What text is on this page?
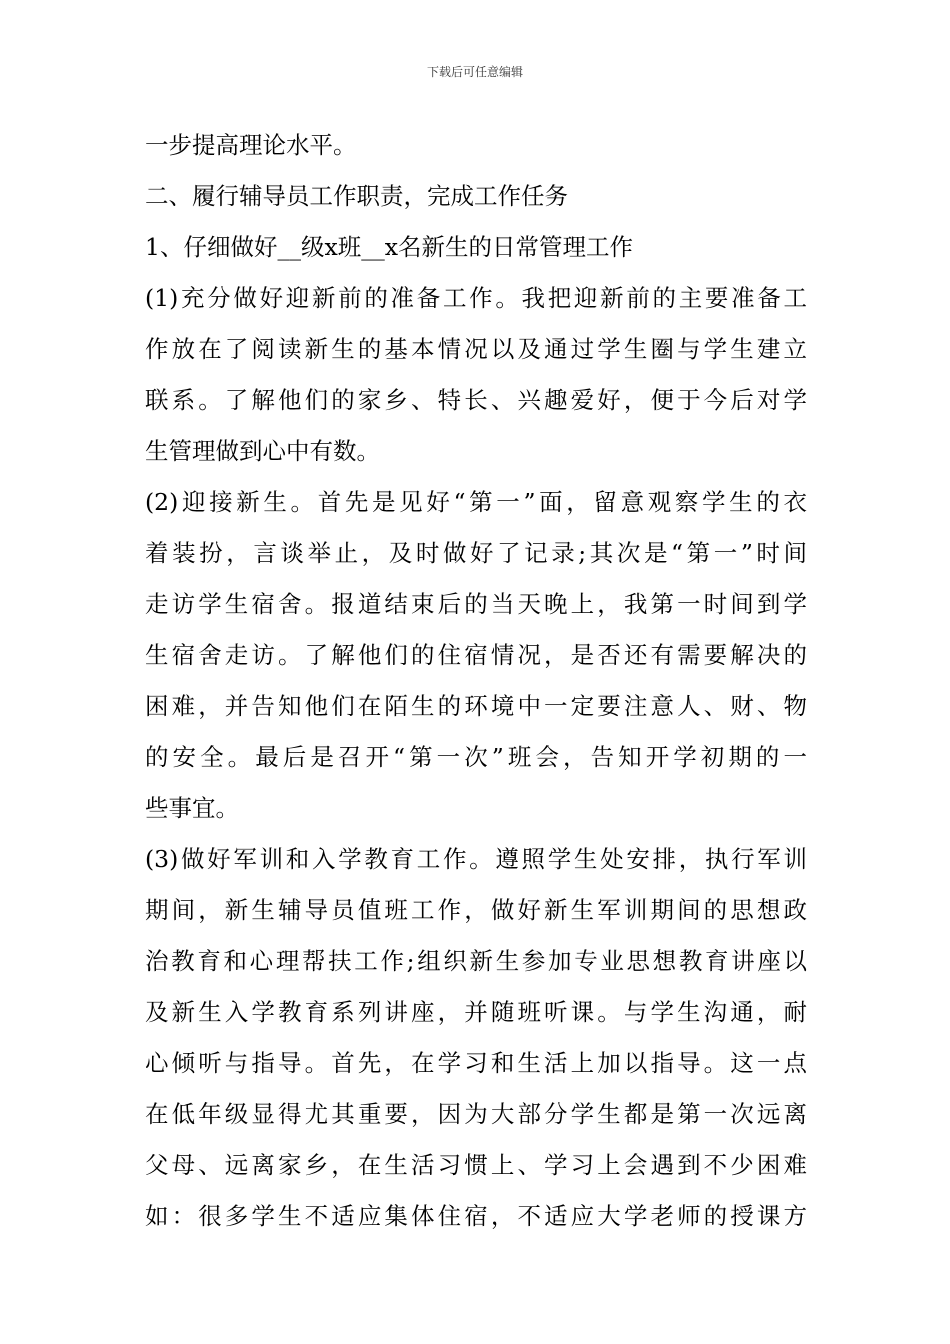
下载后可任意编辑
一步提高理论水平。
二、履行辅导员工作职责，完成工作任务
1、仔细做好__级x班__x名新生的日常管理工作
(1)充分做好迎新前的准备工作。我把迎新前的主要准备工
作放在了阅读新生的基本情况以及通过学生圈与学生建立
联系。了解他们的家乡、特长、兴趣爱好，便于今后对学
生管理做到心中有数。
(2)迎接新生。首先是见好“第一”面，留意观察学生的衣
着装扮，言谈举止，及时做好了记录;其次是“第一”时间
走访学生宿舍。报道结束后的当天晚上，我第一时间到学
生宿舍走访。了解他们的住宿情况，是否还有需要解决的
困难，并告知他们在陌生的环境中一定要注意人、财、物
的安全。最后是召开“第一次”班会，告知开学初期的一
些事宜。
(3)做好军训和入学教育工作。遵照学生处安排，执行军训
期间，新生辅导员值班工作，做好新生军训期间的思想政
治教育和心理帮扶工作;组织新生参加专业思想教育讲座以
及新生入学教育系列讲座，并随班听课。与学生沟通，耐
心倾听与指导。首先，在学习和生活上加以指导。这一点
在低年级显得尤其重要，因为大部分学生都是第一次远离
父母、远离家乡，在生活习惯上、学习上会遇到不少困难
如：很多学生不适应集体住宿，不适应大学老师的授课方
